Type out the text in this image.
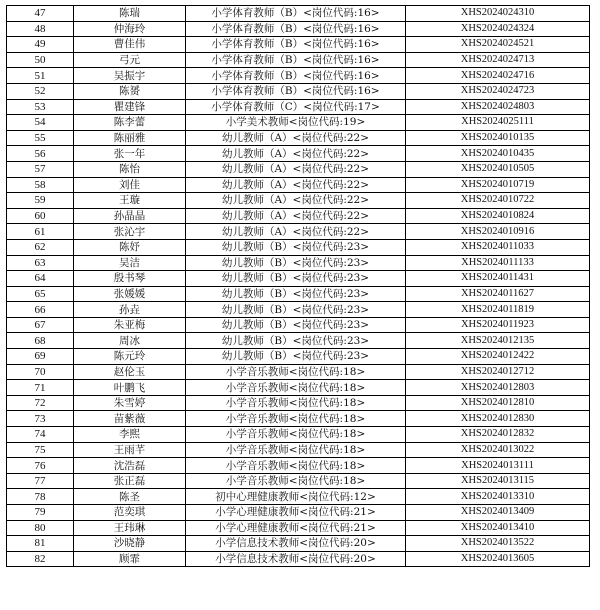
47	陈瑞	小学体育教师（B）<岗位代码:16>	XHS2024024310
48	仲海玲	小学体育教师（B）<岗位代码:16>	XHS2024024324
49	曹佳伟	小学体育教师（B）<岗位代码:16>	XHS2024024521
50	弓元	小学体育教师（B）<岗位代码:16>	XHS2024024713
51	吴振宇	小学体育教师（B）<岗位代码:16>	XHS2024024716
52	陈赟	小学体育教师（B）<岗位代码:16>	XHS2024024723
53	瞿建锋	小学体育教师（C）<岗位代码:17>	XHS2024024803
54	陈李蕾	小学美术教师<岗位代码:19>	XHS2024025111
55	陈丽雅	幼儿教师（A）<岗位代码:22>	XHS2024010135
56	张一年	幼儿教师（A）<岗位代码:22>	XHS2024010435
57	陈怡	幼儿教师（A）<岗位代码:22>	XHS2024010505
58	刘佳	幼儿教师（A）<岗位代码:22>	XHS2024010719
59	王璇	幼儿教师（A）<岗位代码:22>	XHS2024010722
60	孙晶晶	幼儿教师（A）<岗位代码:22>	XHS2024010824
61	张沁宇	幼儿教师（A）<岗位代码:22>	XHS2024010916
62	陈妤	幼儿教师（B）<岗位代码:23>	XHS2024011033
63	吴洁	幼儿教师（B）<岗位代码:23>	XHS2024011133
64	殷书琴	幼儿教师（B）<岗位代码:23>	XHS2024011431
65	张媛媛	幼儿教师（B）<岗位代码:23>	XHS2024011627
66	孙垚	幼儿教师（B）<岗位代码:23>	XHS2024011819
67	朱亚梅	幼儿教师（B）<岗位代码:23>	XHS2024011923
68	周冰	幼儿教师（B）<岗位代码:23>	XHS2024012135
69	陈元玲	幼儿教师（B）<岗位代码:23>	XHS2024012422
70	赵伦玉	小学音乐教师<岗位代码:18>	XHS2024012712
71	叶鹏飞	小学音乐教师<岗位代码:18>	XHS2024012803
72	朱雪婷	小学音乐教师<岗位代码:18>	XHS2024012810
73	苗紫薇	小学音乐教师<岗位代码:18>	XHS2024012830
74	李熙	小学音乐教师<岗位代码:18>	XHS2024012832
75	王雨芊	小学音乐教师<岗位代码:18>	XHS2024013022
76	沈浩磊	小学音乐教师<岗位代码:18>	XHS2024013111
77	张正磊	小学音乐教师<岗位代码:18>	XHS2024013115
78	陈圣	初中心理健康教师<岗位代码:12>	XHS2024013310
79	范奕琪	小学心理健康教师<岗位代码:21>	XHS2024013409
80	王玮琳	小学心理健康教师<岗位代码:21>	XHS2024013410
81	沙晓静	小学信息技术教师<岗位代码:20>	XHS2024013522
82	顾霏	小学信息技术教师<岗位代码:20>	XHS2024013605
